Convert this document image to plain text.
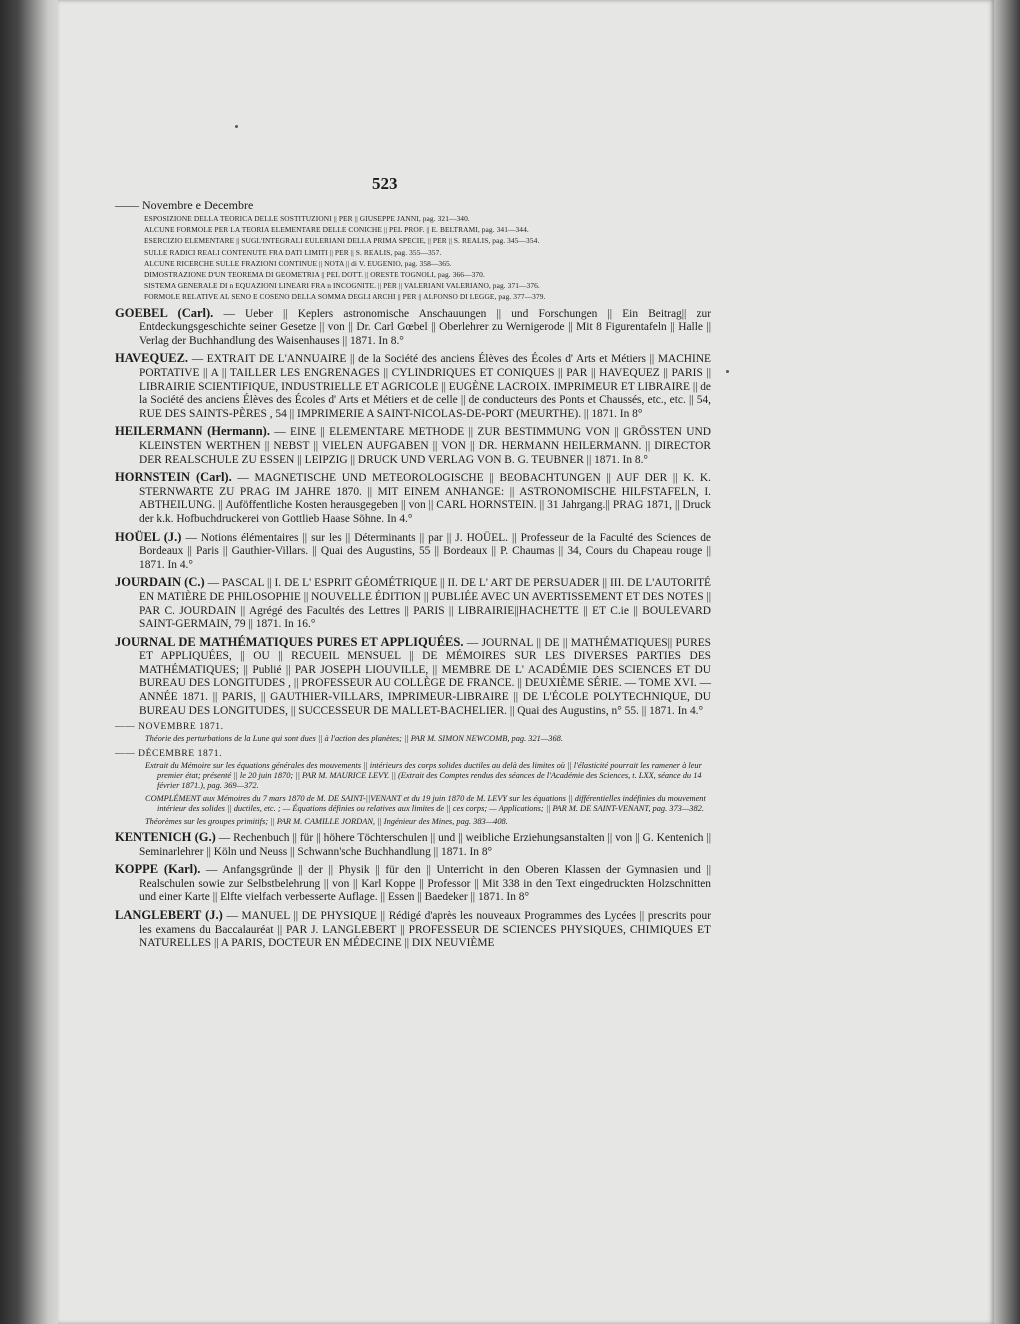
523
—— Novembre e Decembre
ESPOSIZIONE DELLA TEORICA DELLE SOSTITUZIONI || PER || GIUSEPPE JANNI, pag. 321—340.
ALCUNE FORMOLE PER LA TEORIA ELEMENTARE DELLE CONICHE || PEL PROF. || E. BELTRAMI, pag. 341—344.
ESERCIZIO ELEMENTARE || SUGL'INTEGRALI EULERIANI DELLA PRIMA SPECIE, || PER || S. REALIS, pag. 345—354.
SULLE RADICI REALI CONTENUTE FRA DATI LIMITI || PER || S. REALIS, pag. 355—357.
ALCUNE RICERCHE SULLE FRAZIONI CONTINUE || NOTA || di V. EUGENIO, pag. 358—365.
DIMOSTRAZIONE D'UN TEOREMA DI GEOMETRIA || PEL DOTT. || ORESTE TOGNOLI, pag. 366—370.
SISTEMA GENERALE DI n EQUAZIONI LINEARI FRA n INCOGNITE. || PER || VALERIANI VALERIANO, pag. 371—376.
FORMOLE RELATIVE AL SENO E COSENO DELLA SOMMA DEGLI ARCHI || PER || ALFONSO DI LEGGE, pag. 377—379.
GOEBEL (Carl). — Ueber || Keplers astronomische Anschauungen || und Forschungen || Ein Beitrag|| zur Entdeckungsgeschichte seiner Gesetze || von || Dr. Carl Gœbel || Oberlehrer zu Wernigerode || Mit 8 Figurentafeln || Halle || Verlag der Buchhandlung des Waisenhauses || 1871. In 8.°
HAVEQUEZ. — EXTRAIT DE L'ANNUAIRE || de la Société des anciens Élèves des Écoles d' Arts et Métiers || MACHINE PORTATIVE || A || TAILLER LES ENGRENAGES || CYLINDRIQUES ET CONIQUES || PAR || HAVEQUEZ || PARIS || LIBRAIRIE SCIENTIFIQUE, INDUSTRIELLE ET AGRICOLE || EUGÈNE LACROIX. IMPRIMEUR ET LIBRAIRE || de la Société des anciens Élèves des Écoles d' Arts et Métiers et de celle || de conducteurs des Ponts et Chaussés, etc., etc. || 54, RUE DES SAINTS-PÈRES , 54 || IMPRIMERIE A SAINT-NICOLAS-DE-PORT (MEURTHE). || 1871. In 8°
HEILERMANN (Hermann). — EINE || ELEMENTARE METHODE || ZUR BESTIMMUNG VON || GRÖSSTEN UND KLEINSTEN WERTHEN || NEBST || VIELEN AUFGABEN || VON || DR. HERMANN HEILERMANN. || DIRECTOR DER REALSCHULE ZU ESSEN || LEIPZIG || DRUCK UND VERLAG VON B. G. TEUBNER || 1871. In 8.°
HORNSTEIN (Carl). — MAGNETISCHE UND METEOROLOGISCHE || BEOBACHTUNGEN || AUF DER || K. K. STERNWARTE ZU PRAG IM JAHRE 1870. || MIT EINEM ANHANGE: || ASTRONOMISCHE HILFSTAFELN, I. ABTHEILUNG. || Auföffentliche Kosten herausgegeben || von || CARL HORNSTEIN. || 31 Jahrgang.|| PRAG 1871, || Druck der k.k. Hofbuchdruckerei von Gottlieb Haase Söhne. In 4.°
HOÜEL (J.) — Notions élémentaires || sur les || Déterminants || par || J. HOÜEL. || Professeur de la Faculté des Sciences de Bordeaux || Paris || Gauthier-Villars. || Quai des Augustins, 55 || Bordeaux || P. Chaumas || 34, Cours du Chapeau rouge || 1871. In 4.°
JOURDAIN (C.) — PASCAL || I. DE L' ESPRIT GÉOMÉTRIQUE || II. DE L' ART DE PERSUADER || III. DE L'AUTORITÉ EN MATIÈRE DE PHILOSOPHIE || NOUVELLE ÉDITION || PUBLIÉE AVEC UN AVERTISSEMENT ET DES NOTES || PAR C. JOURDAIN || Agrégé des Facultés des Lettres || PARIS || LIBRAIRIE||HACHETTE || ET C.ie || BOULEVARD SAINT-GERMAIN, 79 || 1871. In 16.°
JOURNAL DE MATHÉMATIQUES PURES ET APPLIQUÉES. — JOURNAL || DE || MATHÉMATIQUES|| PURES ET APPLIQUÉES, || OU || RECUEIL MENSUEL || DE MÉMOIRES SUR LES DIVERSES PARTIES DES MATHÉMATIQUES; || Publié || PAR JOSEPH LIOUVILLE, || MEMBRE DE L' ACADÉMIE DES SCIENCES ET DU BUREAU DES LONGITUDES , || PROFESSEUR AU COLLÈGE DE FRANCE. || DEUXIÈME SÉRIE. — TOME XVI. — ANNÉE 1871. || PARIS, || GAUTHIER-VILLARS, IMPRIMEUR-LIBRAIRE || DE L'ÉCOLE POLYTECHNIQUE, DU BUREAU DES LONGITUDES, || SUCCESSEUR DE MALLET-BACHELIER. || Quai des Augustins, n° 55. || 1871. In 4.°
—— NOVEMBRE 1871.
Théorie des perturbations de la Lune qui sont dues || à l'action des planètes; || PAR M. SIMON NEWCOMB, pag. 321—368.
—— DÉCEMBRE 1871.
Extrait du Mémoire sur les équations générales des mouvements || intérieurs des corps solides ductiles au delà des limites où || l'élasticité pourrait les ramener à leur premier état; présenté || le 20 juin 1870; || PAR M. MAURICE LEVY. || (Extrait des Comptes rendus des séances de l'Académie des Sciences, t. LXX, séance du 14 février 1871.), pag. 369—372.
COMPLÉMENT aux Mémoires du 7 mars 1870 de M. DE SAINT-||VENANT et du 19 juin 1870 de M. LEVY sur les équations || différentielles indéfinies du mouvement intérieur des solides || ductiles, etc. ; — Équations définies ou relatives aux limites de || ces corps; — Applications; || PAR M. DE SAINT-VENANT, pag. 373—382.
Théorèmes sur les groupes primitifs; || PAR M. CAMILLE JORDAN, || Ingénieur des Mines, pag. 383—408.
KENTENICH (G.) — Rechenbuch || für || höhere Töchterschulen || und || weibliche Erziehungsanstalten || von || G. Kentenich || Seminarlehrer || Köln und Neuss || Schwann'sche Buchhandlung || 1871. In 8°
KOPPE (Karl). — Anfangsgründe || der || Physik || für den || Unterricht in den Oberen Klassen der Gymnasien und || Realschulen sowie zur Selbstbelehrung || von || Karl Koppe || Professor || Mit 338 in den Text eingedruckten Holzschnitten und einer Karte || Elfte vielfach verbesserte Auflage. || Essen || Baedeker || 1871. In 8°
LANGLEBERT (J.) — MANUEL || DE PHYSIQUE || Rédigé d'après les nouveaux Programmes des Lycées || prescrits pour les examens du Baccalauréat || PAR J. LANGLEBERT || PROFESSEUR DE SCIENCES PHYSIQUES, CHIMIQUES ET NATURELLES || A PARIS, DOCTEUR EN MÉDECINE || DIX NEUVIÈME
